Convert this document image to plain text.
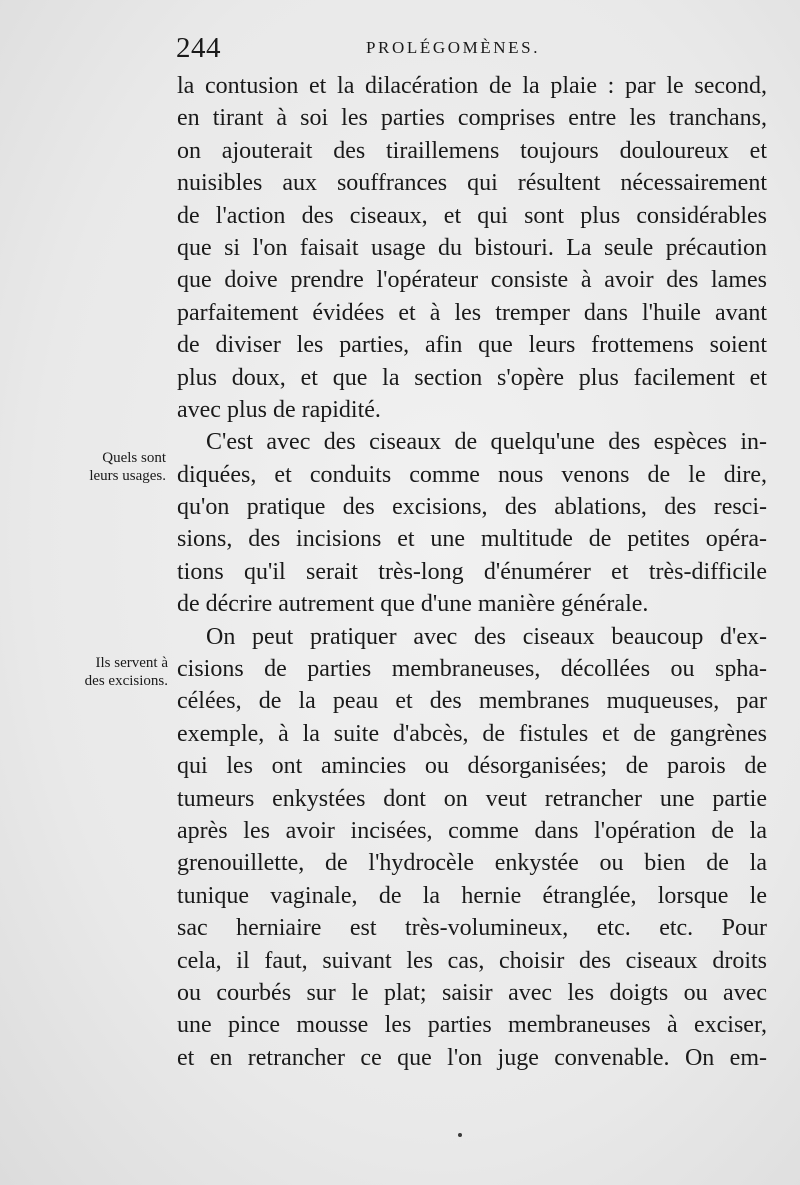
244	PROLÉGOMÈNES.
Quels sont
leurs usages.
Ils servent à
des excisions.
la contusion et la dilacération de la plaie : par le second,
en tirant à soi les parties comprises entre les tranchans,
on ajouterait des tiraillemens toujours douloureux et
nuisibles aux souffrances qui résultent nécessairement
de l'action des ciseaux, et qui sont plus considérables
que si l'on faisait usage du bistouri. La seule précaution
que doive prendre l'opérateur consiste à avoir des lames
parfaitement évidées et à les tremper dans l'huile avant
de diviser les parties, afin que leurs frottemens soient
plus doux, et que la section s'opère plus facilement et
avec plus de rapidité.
C'est avec des ciseaux de quelqu'une des espèces in-
diquées, et conduits comme nous venons de le dire,
qu'on pratique des excisions, des ablations, des resci-
sions, des incisions et une multitude de petites opéra-
tions qu'il serait très-long d'énumérer et très-difficile
de décrire autrement que d'une manière générale.
On peut pratiquer avec des ciseaux beaucoup d'ex-
cisions de parties membraneuses, décollées ou spha-
célées, de la peau et des membranes muqueuses, par
exemple, à la suite d'abcès, de fistules et de gangrènes
qui les ont amincies ou désorganisées; de parois de
tumeurs enkystées dont on veut retrancher une partie
après les avoir incisées, comme dans l'opération de la
grenouillette, de l'hydrocèle enkystée ou bien de la
tunique vaginale, de la hernie étranglée, lorsque le
sac herniaire est très-volumineux, etc. etc. Pour
cela, il faut, suivant les cas, choisir des ciseaux droits
ou courbés sur le plat; saisir avec les doigts ou avec
une pince mousse les parties membraneuses à exciser,
et en retrancher ce que l'on juge convenable. On em-
